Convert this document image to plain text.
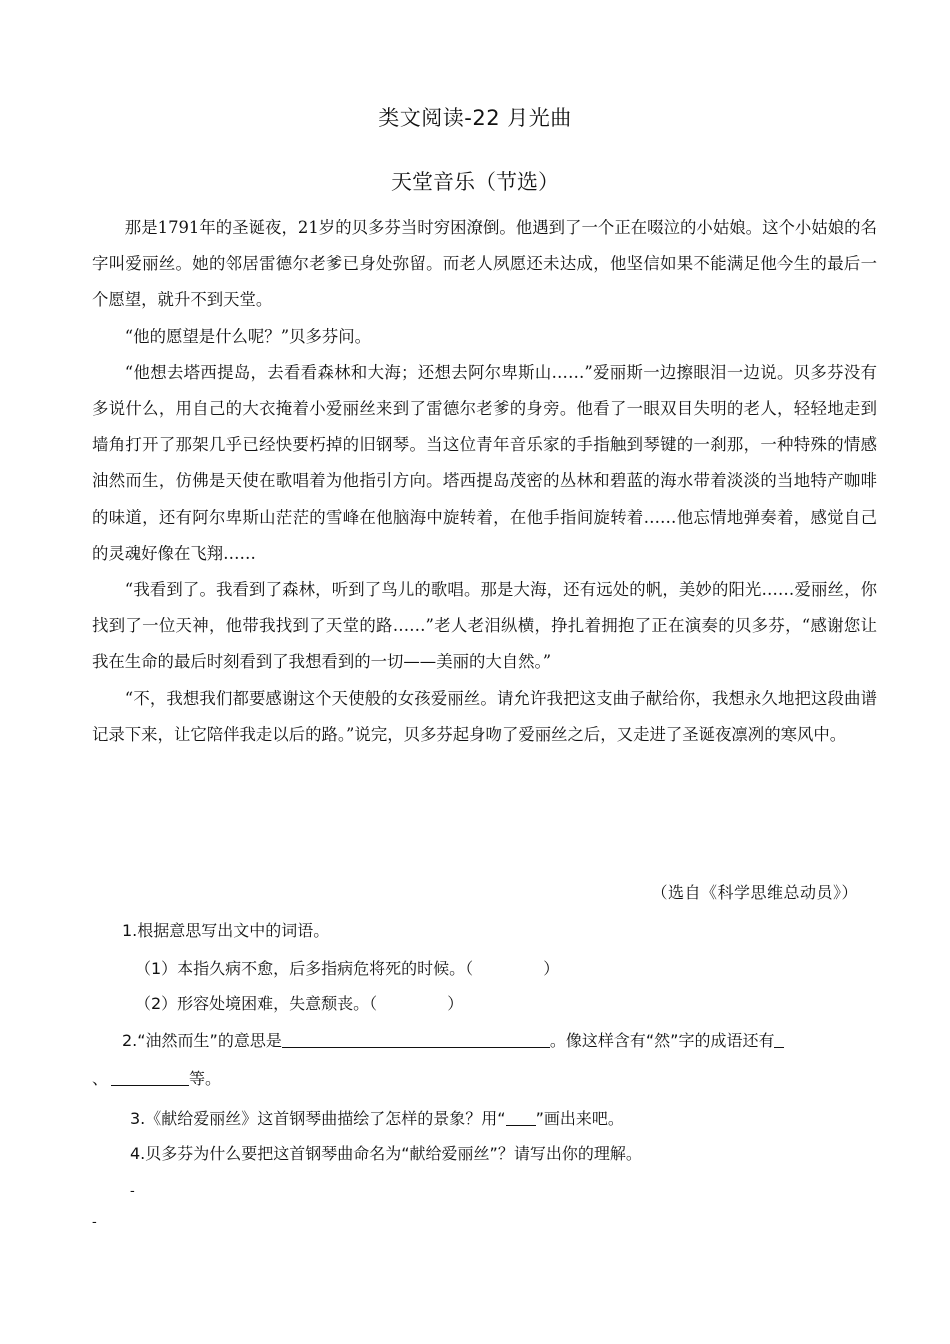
类文阅读-22 月光曲
天堂音乐（节选）

那是1791年的圣诞夜，21岁的贝多芬当时穷困潦倒。他遇到了一个正在啜泣的小姑娘。这个小姑娘的名字叫爱丽丝。她的邻居雷德尔老爹已身处弥留。而老人夙愿还未达成，他坚信如果不能满足他今生的最后一个愿望，就升不到天堂。

“他的愿望是什么呢？”贝多芬问。

“他想去塔西提岛，去看看森林和大海；还想去阿尔卑斯山……”爱丽斯一边擦眼泪一边说。贝多芬没有多说什么，用自己的大衣掩着小爱丽丝来到了雷德尔老爹的身旁。他看了一眼双目失明的老人，轻轻地走到墙角打开了那架几乎已经快要朽掉的旧钢琴。当这位青年音乐家的手指触到琴键的一刹那，一种特殊的情感油然而生，仿佛是天使在歌唱着为他指引方向。塔西提岛茂密的丛林和碧蓝的海水带着淡淡的当地特产咖啡的味道，还有阿尔卑斯山茫茫的雪峰在他脑海中旋转着，在他手指间旋转着……他忘情地弹奏着，感觉自己的灵魂好像在飞翔……

“我看到了。我看到了森林，听到了鸟儿的歌唱。那是大海，还有远处的帆，美妙的阳光……爱丽丝，你找到了一位天神，他带我找到了天堂的路……”老人老泪纵横，挣扎着拥抱了正在演奏的贝多芬，“感谢您让我在生命的最后时刻看到了我想看到的一切——美丽的大自然。”

“不，我想我们都要感谢这个天使般的女孩爱丽丝。请允许我把这支曲子献给你，我想永久地把这段曲谱记录下来，让它陪伴我走以后的路。”说完，贝多芬起身吻了爱丽丝之后，又走进了圣诞夜凛冽的寒风中。

（选自《科学思维总动员》）
1.根据意思写出文中的词语。
（1）本指久病不愈，后多指病危将死的时候。（	）
（2）形容处境困难，失意颓丧。（	）
2.“油然而生”的意思是	。像这样含有“然”字的成语还有
、	等。
3.《献给爱丽丝》这首钢琴曲描绘了怎样的景象？用“ ”画出来吧。
4.贝多芬为什么要把这首钢琴曲命名为“献给爱丽丝”？请写出你的理解。
-
-
